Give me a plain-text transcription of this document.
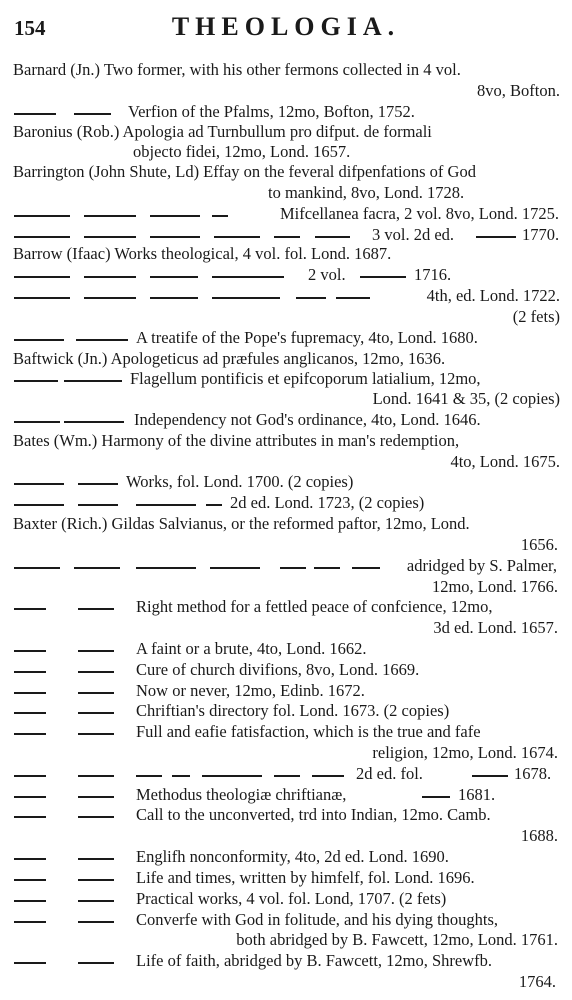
154	THEOLOGIA.
Barnard (Jn.) Two former, with his other fermons collected in 4 vol.
8vo, Bofton.
Verfion of the Pfalms, 12mo, Bofton, 1752.
Baronius (Rob.) Apologia ad Turnbullum pro difput. de formali
objecto fidei, 12mo, Lond. 1657.
Barrington (John Shute, Ld) Effay on the feveral difpenfations of God
to mankind, 8vo, Lond. 1728.
Mifcellanea facra, 2 vol. 8vo, Lond. 1725.
3 vol. 2d ed.	1770.
Barrow (Ifaac) Works theological, 4 vol. fol. Lond. 1687.
2 vol.	1716.
4th, ed. Lond. 1722.
(2 fets)
A treatife of the Pope's fupremacy, 4to, Lond. 1680.
Baftwick (Jn.) Apologeticus ad præfules anglicanos, 12mo, 1636.
Flagellum pontificis et epifcoporum latialium, 12mo,
Lond. 1641 & 35, (2 copies)
Independency not God's ordinance, 4to, Lond. 1646.
Bates (Wm.) Harmony of the divine attributes in man's redemption,
4to, Lond. 1675.
Works, fol. Lond. 1700. (2 copies)
2d ed. Lond. 1723, (2 copies)
Baxter (Rich.) Gildas Salvianus, or the reformed paftor, 12mo, Lond.
1656.
adridged by S. Palmer,
12mo, Lond. 1766.
Right method for a fettled peace of confcience, 12mo,
3d ed. Lond. 1657.
A faint or a brute, 4to, Lond. 1662.
Cure of church divifions, 8vo, Lond. 1669.
Now or never, 12mo, Edinb. 1672.
Chriftian's directory fol. Lond. 1673. (2 copies)
Full and eafie fatisfaction, which is the true and fafe
religion, 12mo, Lond. 1674.
2d ed. fol.	1678.
Methodus theologiæ chriftianæ,	1681.
Call to the unconverted, trd into Indian, 12mo. Camb.
1688.
Englifh nonconformity, 4to, 2d ed. Lond. 1690.
Life and times, written by himfelf, fol. Lond. 1696.
Practical works, 4 vol. fol. Lond, 1707. (2 fets)
Converfe with God in folitude, and his dying thoughts,
both abridged by B. Fawcett, 12mo, Lond. 1761.
Life of faith, abridged by B. Fawcett, 12mo, Shrewfb.
1764.
